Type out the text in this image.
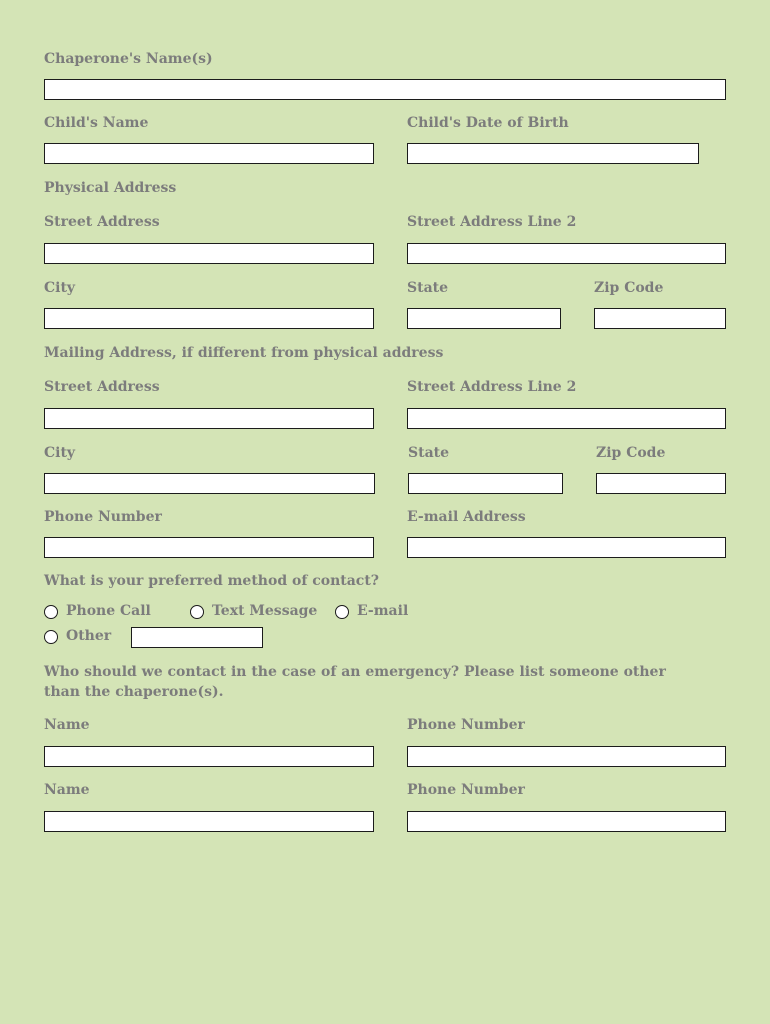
Chaperone's Name(s)
Child's Name	Child's Date of Birth
Physical Address
Street Address	Street Address Line 2
City	State	Zip Code
Mailing Address, if different from physical address
Street Address	Street Address Line 2
City	State	Zip Code
Phone Number	E-mail Address
What is your preferred method of contact?
Phone Call	Text Message	E-mail
Other
Who should we contact in the case of an emergency? Please list someone other than the chaperone(s).
Name	Phone Number
Name	Phone Number
